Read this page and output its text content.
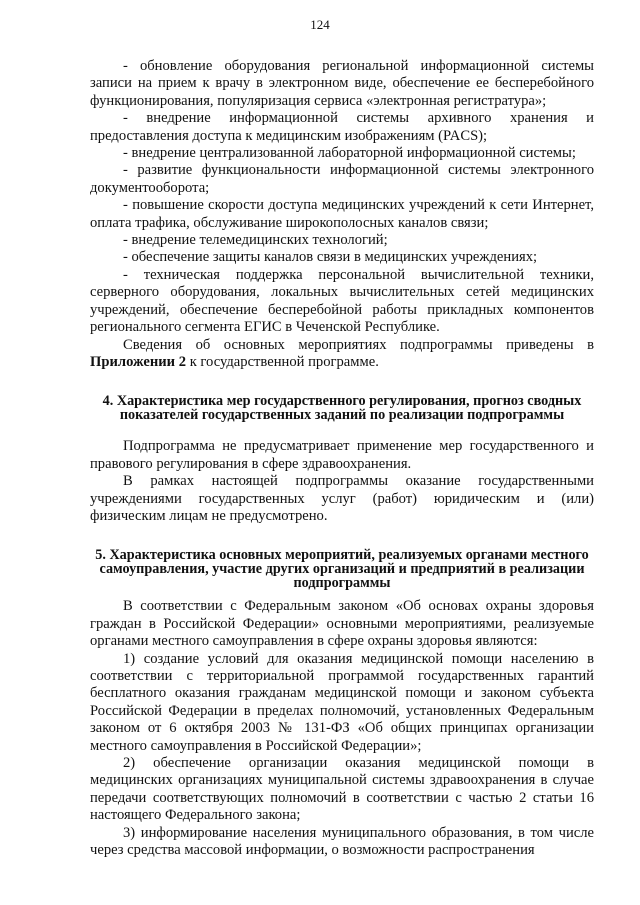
124

- обновление оборудования региональной информационной системы записи на прием к врачу в электронном виде, обеспечение ее бесперебойного функционирования, популяризация сервиса «электронная регистратура»;

- внедрение информационной системы архивного хранения и предоставления доступа к медицинским изображениям (PACS);

- внедрение централизованной лабораторной информационной системы;

- развитие функциональности информационной системы электронного документооборота;

- повышение скорости доступа медицинских учреждений к сети Интернет, оплата трафика, обслуживание широкополосных каналов связи;

- внедрение телемедицинских технологий;

- обеспечение защиты каналов связи в медицинских учреждениях;

- техническая поддержка персональной вычислительной техники, серверного оборудования, локальных вычислительных сетей медицинских учреждений, обеспечение бесперебойной работы прикладных компонентов регионального сегмента ЕГИС в Чеченской Республике.

Сведения об основных мероприятиях подпрограммы приведены в Приложении 2 к государственной программе.

4. Характеристика мер государственного регулирования, прогноз сводных показателей государственных заданий по реализации подпрограммы

Подпрограмма не предусматривает применение мер государственного и правового регулирования в сфере здравоохранения.

В рамках настоящей подпрограммы оказание государственными учреждениями государственных услуг (работ) юридическим и (или) физическим лицам не предусмотрено.

5. Характеристика основных мероприятий, реализуемых органами местного самоуправления, участие других организаций и предприятий в реализации подпрограммы

В соответствии с Федеральным законом «Об основах охраны здоровья граждан в Российской Федерации» основными мероприятиями, реализуемые органами местного самоуправления в сфере охраны здоровья являются:

1) создание условий для оказания медицинской помощи населению в соответствии с территориальной программой государственных гарантий бесплатного оказания гражданам медицинской помощи и законом субъекта Российской Федерации в пределах полномочий, установленных Федеральным законом от 6 октября 2003 № 131-ФЗ «Об общих принципах организации местного самоуправления в Российской Федерации»;

2) обеспечение организации оказания медицинской помощи в медицинских организациях муниципальной системы здравоохранения в случае передачи соответствующих полномочий в соответствии с частью 2 статьи 16 настоящего Федерального закона;

3) информирование населения муниципального образования, в том числе через средства массовой информации, о возможности распространения
